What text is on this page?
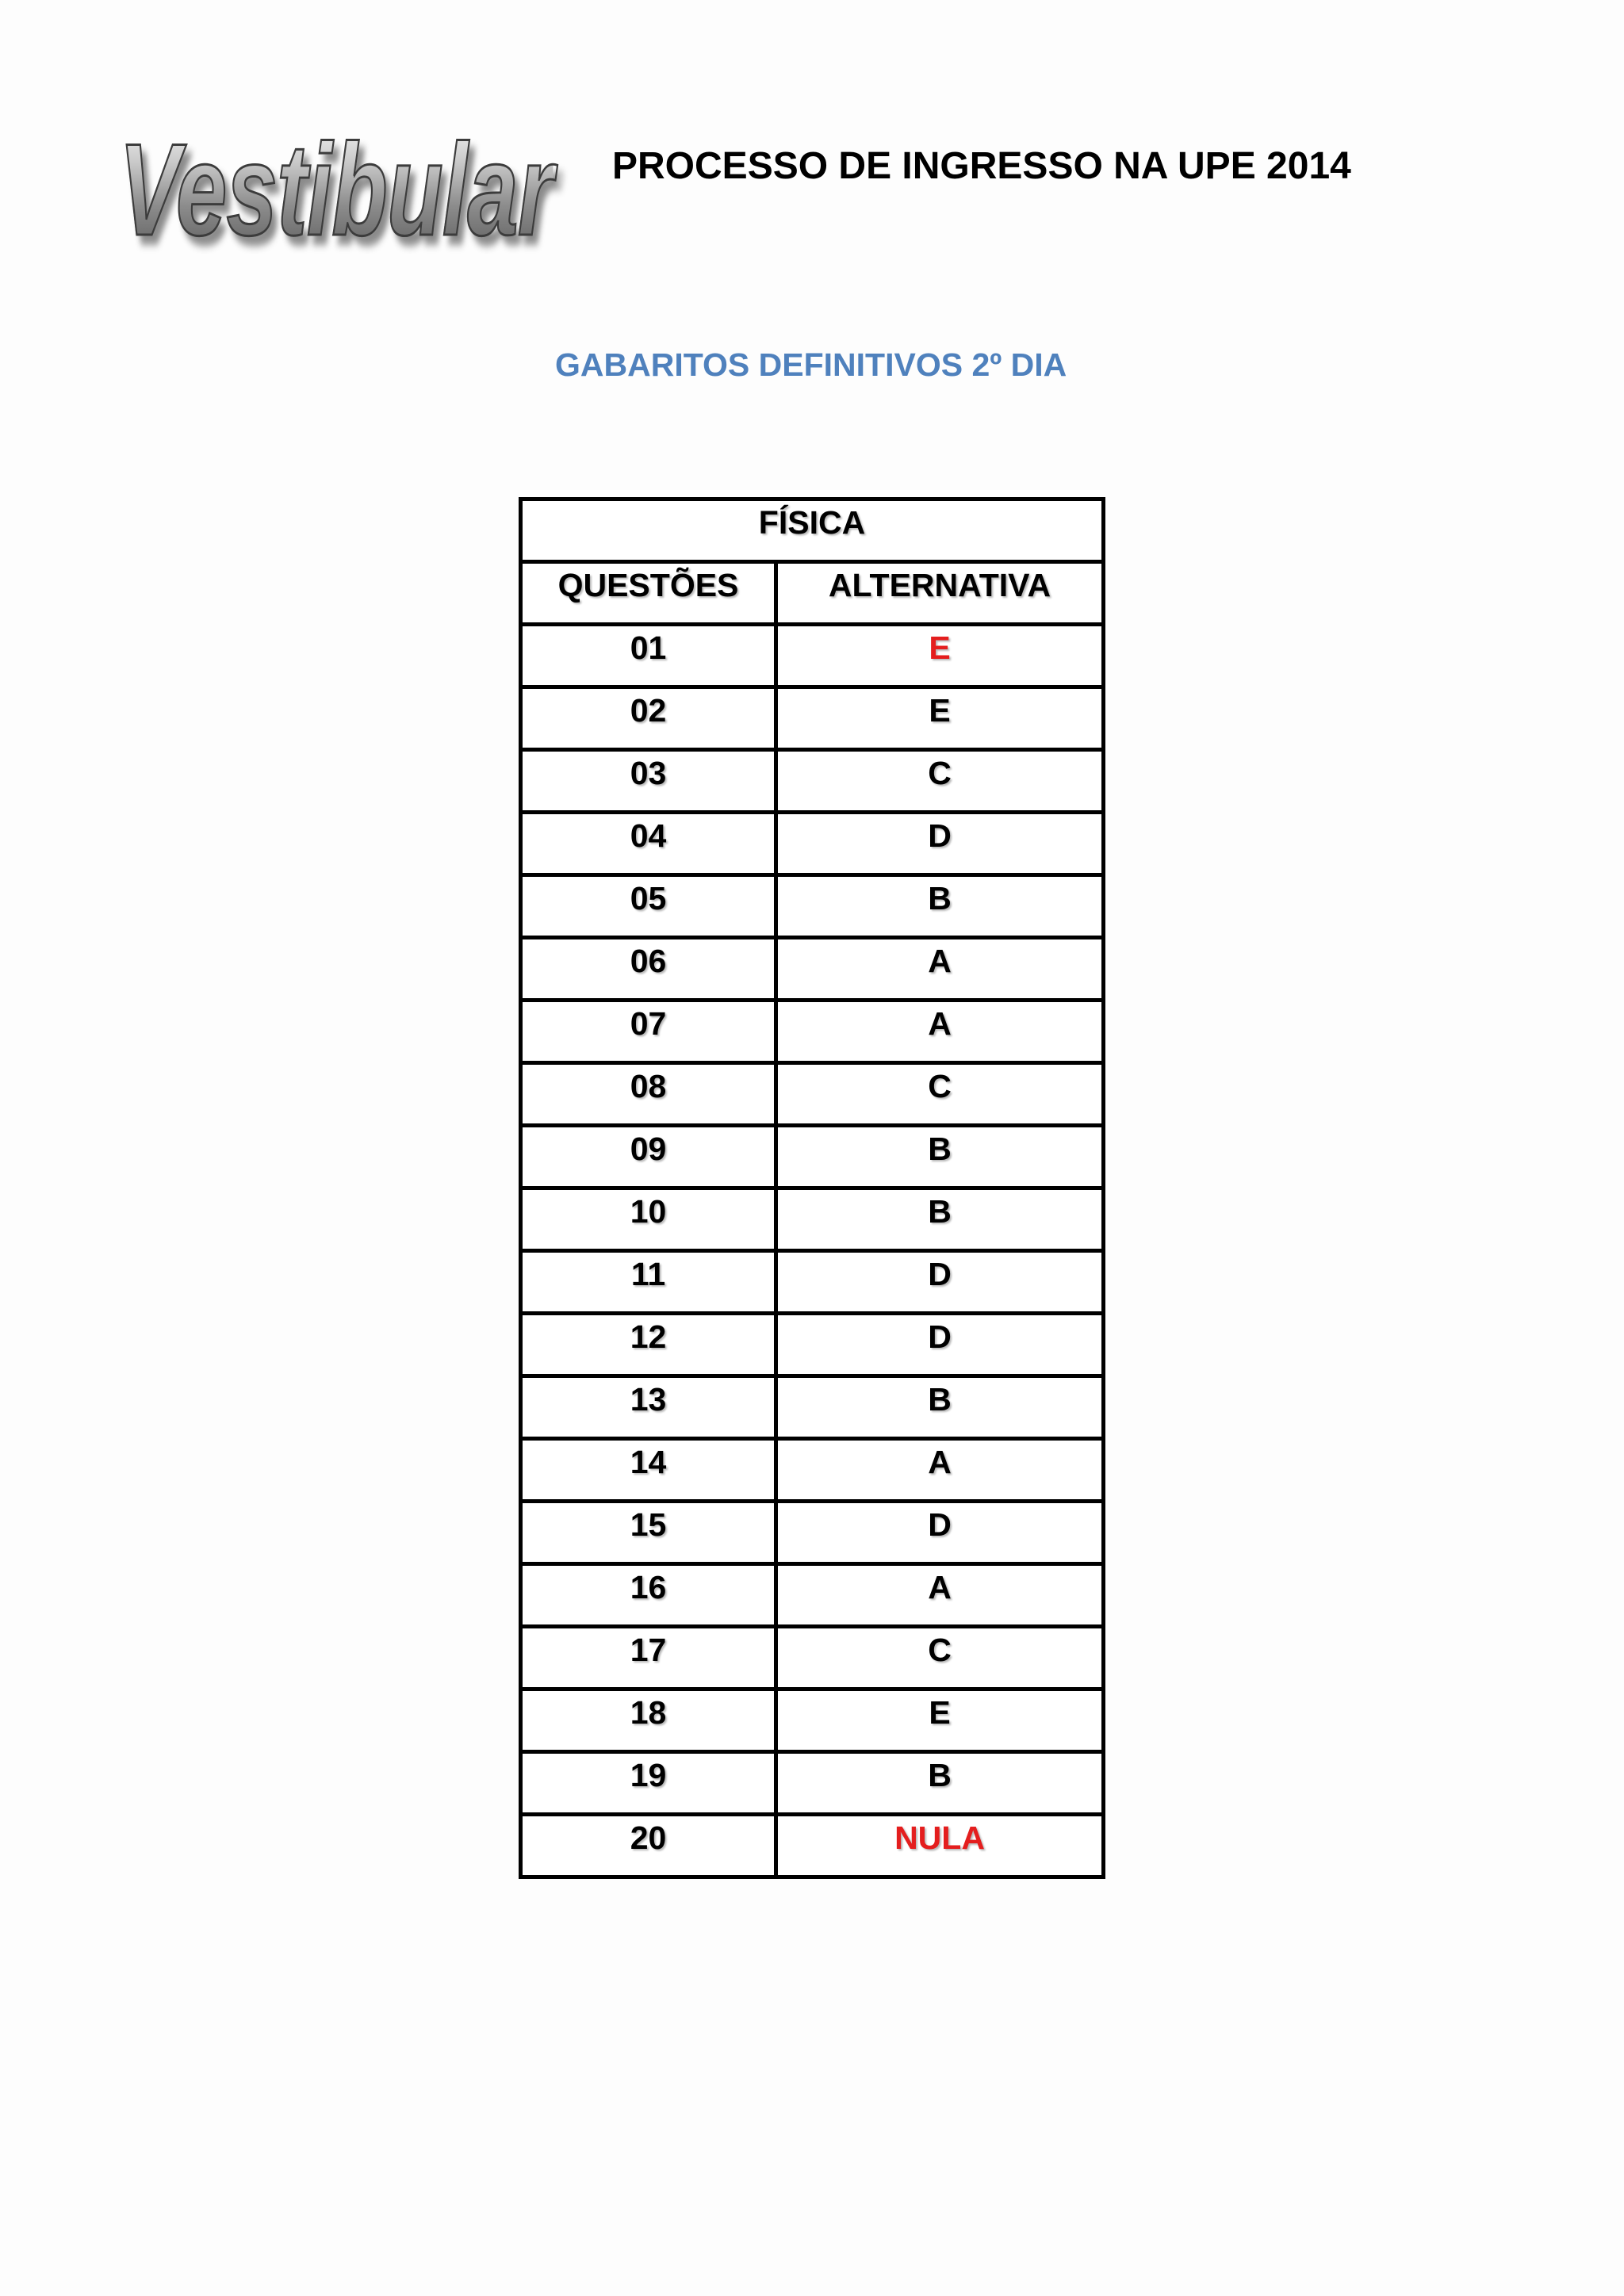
Vestibular	PROCESSO DE INGRESSO NA UPE 2014
GABARITOS DEFINITIVOS 2º DIA
FÍSICA
QUESTÕES	ALTERNATIVA
01	E
02	E
03	C
04	D
05	B
06	A
07	A
08	C
09	B
10	B
11	D
12	D
13	B
14	A
15	D
16	A
17	C
18	E
19	B
20	NULA
